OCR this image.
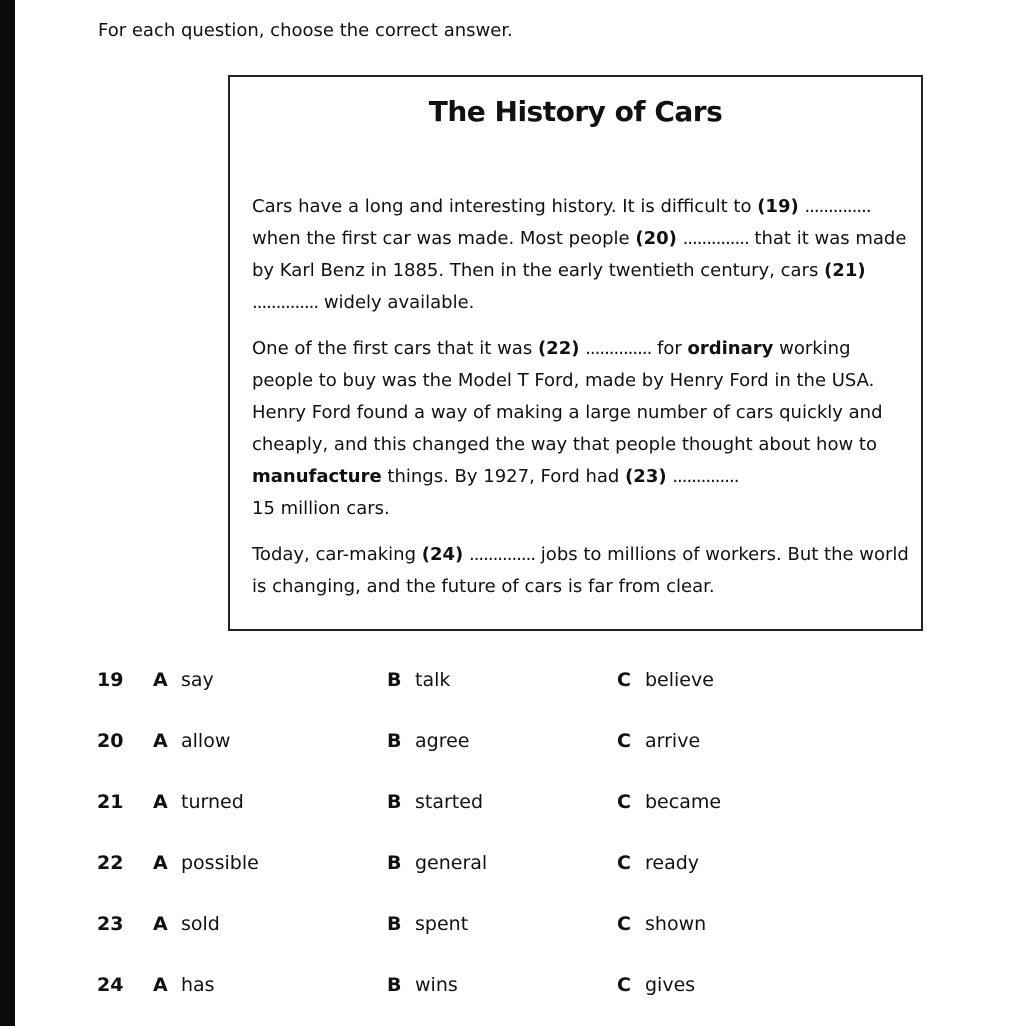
For each question, choose the correct answer.
The History of Cars
Cars have a long and interesting history. It is difficult to (19) .............. when the first car was made. Most people (20) .............. that it was made by Karl Benz in 1885. Then in the early twentieth century, cars (21) .............. widely available.
One of the first cars that it was (22) .............. for ordinary working people to buy was the Model T Ford, made by Henry Ford in the USA. Henry Ford found a way of making a large number of cars quickly and cheaply, and this changed the way that people thought about how to manufacture things. By 1927, Ford had (23) ..............
15 million cars.
Today, car-making (24) .............. jobs to millions of workers. But the world is changing, and the future of cars is far from clear.
19 A say	B talk	C believe
20 A allow	B agree	C arrive
21 A turned	B started	C became
22 A possible	B general	C ready
23 A sold	B spent	C shown
24 A has	B wins	C gives
